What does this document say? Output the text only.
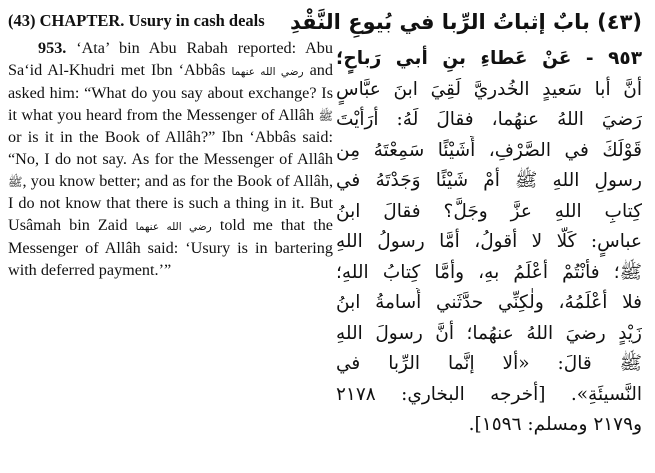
(43) CHAPTER. Usury in cash deals

953. ‘Ata’ bin Abu Rabah reported: Abu Sa‘id Al-Khudri met Ibn ‘Abbâs رضي الله عنهما and asked him: “What do you say about exchange? Is it what you heard from the Messenger of Allâh ﷺ or is it in the Book of Allâh?” Ibn ‘Abbâs said: “No, I do not say. As for the Messenger of Allâh ﷺ, you know better; and as for the Book of Allâh, I do not know that there is such a thing in it. But Usâmah bin Zaid رضي الله عنهما told me that the Messenger of Allâh said: ‘Usury is in bartering with deferred payment.’”

(٤٣) بابٌ إثباتُ الرِّبا في بُيوعِ النَّقْدِ
٩٥٣ - عَنْ عَطاءِ بنِ أبي رَباحٍ؛
أنَّ أبا سَعيدٍ الخُدريَّ لَقِيَ ابنَ عبَّاسٍ
رَضيَ اللهُ عنهُما، فقالَ لَهُ: أرَأيْتَ
قَوْلَكَ في الصَّرْفِ، أَشَيْئًا سَمِعْتَهُ مِن
رسولِ اللهِ ﷺ أمْ شَيْئًا وَجَدْتَهُ في
كِتابِ اللهِ عزَّ وجَلَّ؟ فقالَ ابنُ
عباسٍ: كَلَّا لا أقولُ، أمَّا رسولُ اللهِ
ﷺ؛ فأنْتُمْ أعْلَمُ بهِ، وأمَّا كِتابُ اللهِ؛
فلا أعْلَمُهُ، ولٰكِنِّي حدَّثَني أُسامةُ ابنُ
زَيْدٍ رضيَ اللهُ عنهُما؛ أنَّ رسولَ اللهِ
ﷺ قالَ: «ألا إنَّما الرِّبا في
النَّسيئَةِ». [أخرجه البخاري: ٢١٧٨
و٢١٧٩ ومسلم: ١٥٩٦].
